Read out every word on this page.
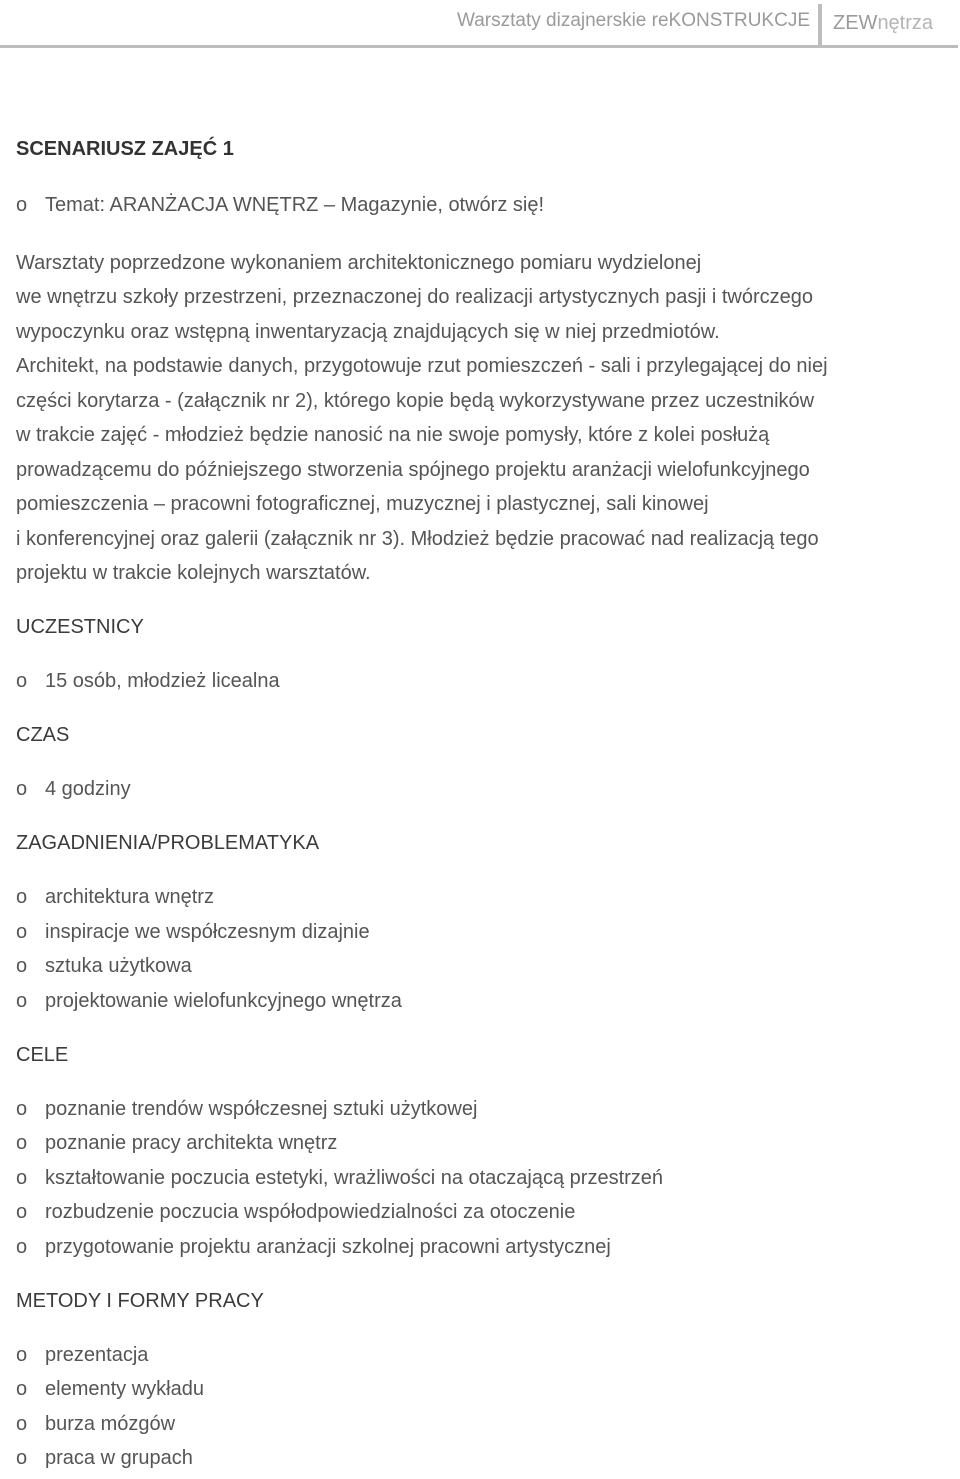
Warsztaty dizajnerskie reKONSTRUKCJE ZEWnętrza
SCENARIUSZ ZAJĘĆ 1
o Temat: ARANŻACJA WNĘTRZ – Magazynie, otwórz się!
Warsztaty poprzedzone wykonaniem architektonicznego pomiaru wydzielonej
we wnętrzu szkoły przestrzeni, przeznaczonej do realizacji artystycznych pasji i twórczego
wypoczynku oraz wstępną inwentaryzacją znajdujących się w niej przedmiotów.
Architekt, na podstawie danych, przygotowuje rzut pomieszczeń - sali i przylegającej do niej
części korytarza - (załącznik nr 2), którego kopie będą wykorzystywane przez uczestników
w trakcie zajęć - młodzież będzie nanosić na nie swoje pomysły, które z kolei posłużą
prowadzącemu do późniejszego stworzenia spójnego projektu aranżacji wielofunkcyjnego
pomieszczenia – pracowni fotograficznej, muzycznej i plastycznej, sali kinowej
i konferencyjnej oraz galerii (załącznik nr 3). Młodzież będzie pracować nad realizacją tego
projektu w trakcie kolejnych warsztatów.
UCZESTNICY
o 15 osób, młodzież licealna
CZAS
o 4 godziny
ZAGADNIENIA/PROBLEMATYKA
o architektura wnętrz
o inspiracje we współczesnym dizajnie
o sztuka użytkowa
o projektowanie wielofunkcyjnego wnętrza
CELE
o poznanie trendów współczesnej sztuki użytkowej
o poznanie pracy architekta wnętrz
o kształtowanie poczucia estetyki, wrażliwości na otaczającą przestrzeń
o rozbudzenie poczucia współodpowiedzialności za otoczenie
o przygotowanie projektu aranżacji szkolnej pracowni artystycznej
METODY I FORMY PRACY
o prezentacja
o elementy wykładu
o burza mózgów
o praca w grupach
